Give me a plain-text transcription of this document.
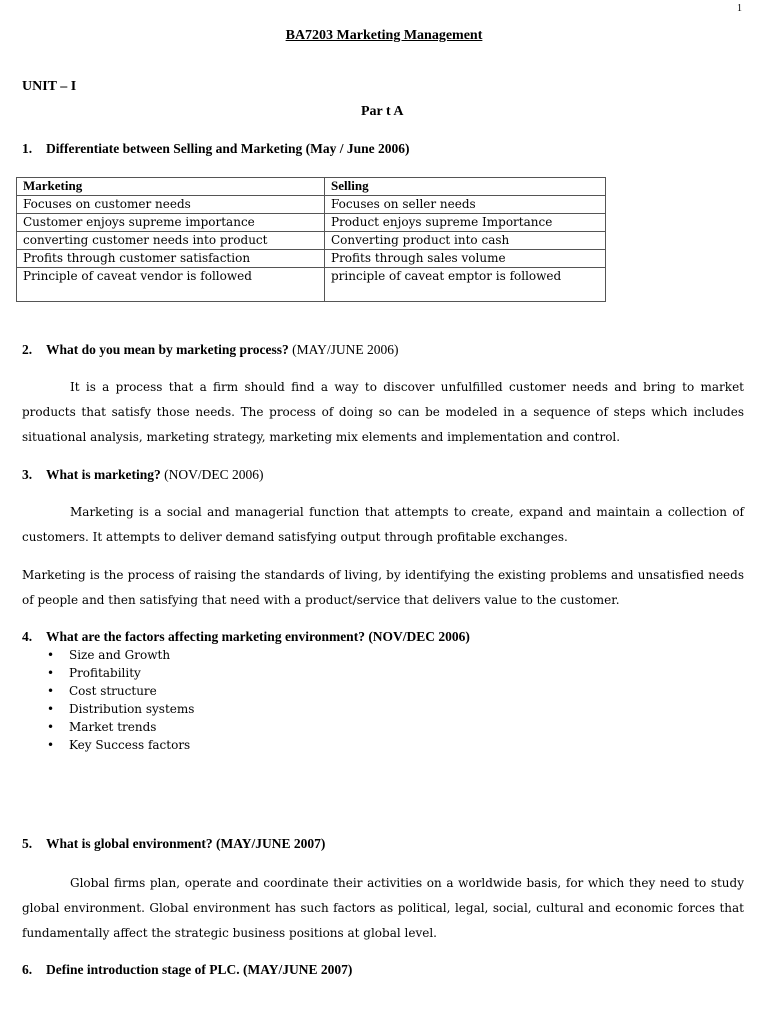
1
BA7203 Marketing Management
UNIT – I
Par t A
1. Differentiate between Selling and Marketing (May / June 2006)
Marketing	Selling
Focuses on customer needs	Focuses on seller needs
Customer enjoys supreme importance	Product enjoys supreme Importance
converting customer needs into product	Converting product into cash
Profits through customer satisfaction	Profits through sales volume
Principle of caveat vendor is followed	principle of caveat emptor is followed
2. What do you mean by marketing process? (MAY/JUNE 2006)
It is a process that a firm should find a way to discover unfulfilled customer needs and bring to market products that satisfy those needs. The process of doing so can be modeled in a sequence of steps which includes situational analysis, marketing strategy, marketing mix elements and implementation and control.
3. What is marketing? (NOV/DEC 2006)
Marketing is a social and managerial function that attempts to create, expand and maintain a collection of customers. It attempts to deliver demand satisfying output through profitable exchanges.
Marketing is the process of raising the standards of living, by identifying the existing problems and unsatisfied needs of people and then satisfying that need with a product/service that delivers value to the customer.
4. What are the factors affecting marketing environment? (NOV/DEC 2006)
• Size and Growth
• Profitability
• Cost structure
• Distribution systems
• Market trends
• Key Success factors
5. What is global environment? (MAY/JUNE 2007)
Global firms plan, operate and coordinate their activities on a worldwide basis, for which they need to study global environment. Global environment has such factors as political, legal, social, cultural and economic forces that fundamentally affect the strategic business positions at global level.
6. Define introduction stage of PLC. (MAY/JUNE 2007)
